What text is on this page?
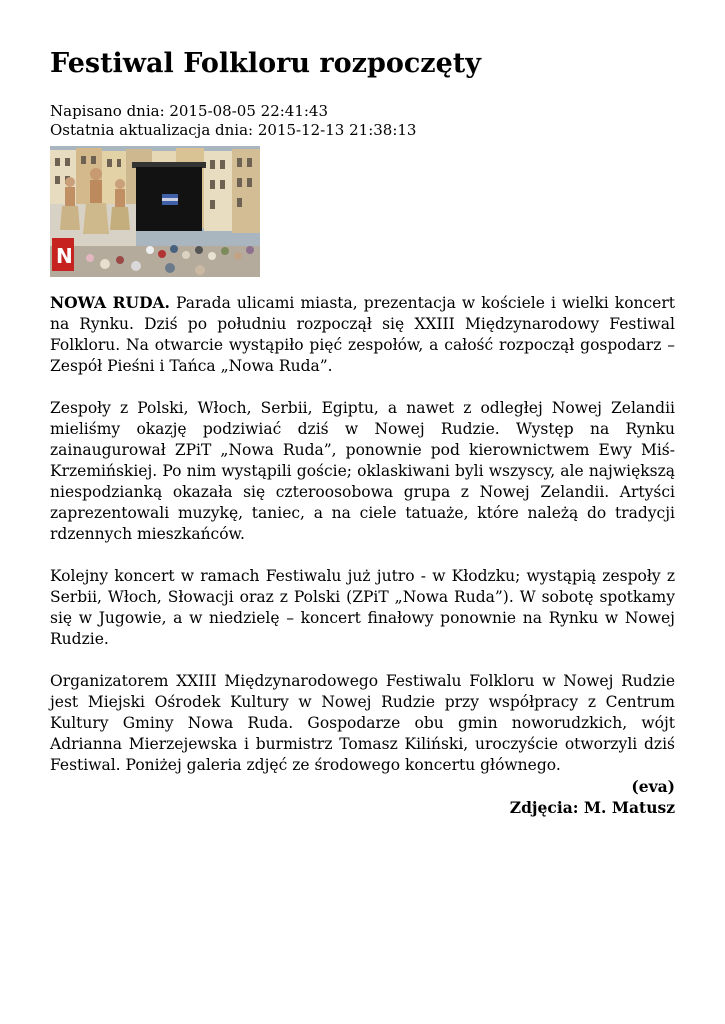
Festiwal Folkloru rozpoczęty

Napisano dnia: 2015-08-05 22:41:43

Ostatnia aktualizacja dnia: 2015-12-13 21:38:13

N

NOWA RUDA. Parada ulicami miasta, prezentacja w kościele i wielki koncert na Rynku. Dziś po południu rozpoczął się XXIII Międzynarodowy Festiwal Folkloru. Na otwarcie wystąpiło pięć zespołów, a całość rozpoczął gospodarz – Zespół Pieśni i Tańca „Nowa Ruda”.

Zespoły z Polski, Włoch, Serbii, Egiptu, a nawet z odległej Nowej Zelandii mieliśmy okazję podziwiać dziś w Nowej Rudzie. Występ na Rynku zainaugurował ZPiT „Nowa Ruda”, ponownie pod kierownictwem Ewy Miś-Krzemińskiej. Po nim wystąpili goście; oklaskiwani byli wszyscy, ale największą niespodzianką okazała się czteroosobowa grupa z Nowej Zelandii. Artyści zaprezentowali muzykę, taniec, a na ciele tatuaże, które należą do tradycji rdzennych mieszkańców.

Kolejny koncert w ramach Festiwalu już jutro - w Kłodzku; wystąpią zespoły z Serbii, Włoch, Słowacji oraz z Polski (ZPiT „Nowa Ruda”). W sobotę spotkamy się w Jugowie, a w niedzielę – koncert finałowy ponownie na Rynku w Nowej Rudzie.

Organizatorem XXIII Międzynarodowego Festiwalu Folkloru w Nowej Rudzie jest Miejski Ośrodek Kultury w Nowej Rudzie przy współpracy z Centrum Kultury Gminy Nowa Ruda. Gospodarze obu gmin noworudzkich, wójt Adrianna Mierzejewska i burmistrz Tomasz Kiliński, uroczyście otworzyli dziś Festiwal. Poniżej galeria zdjęć ze środowego koncertu głównego.

(eva)

Zdjęcia: M. Matusz
